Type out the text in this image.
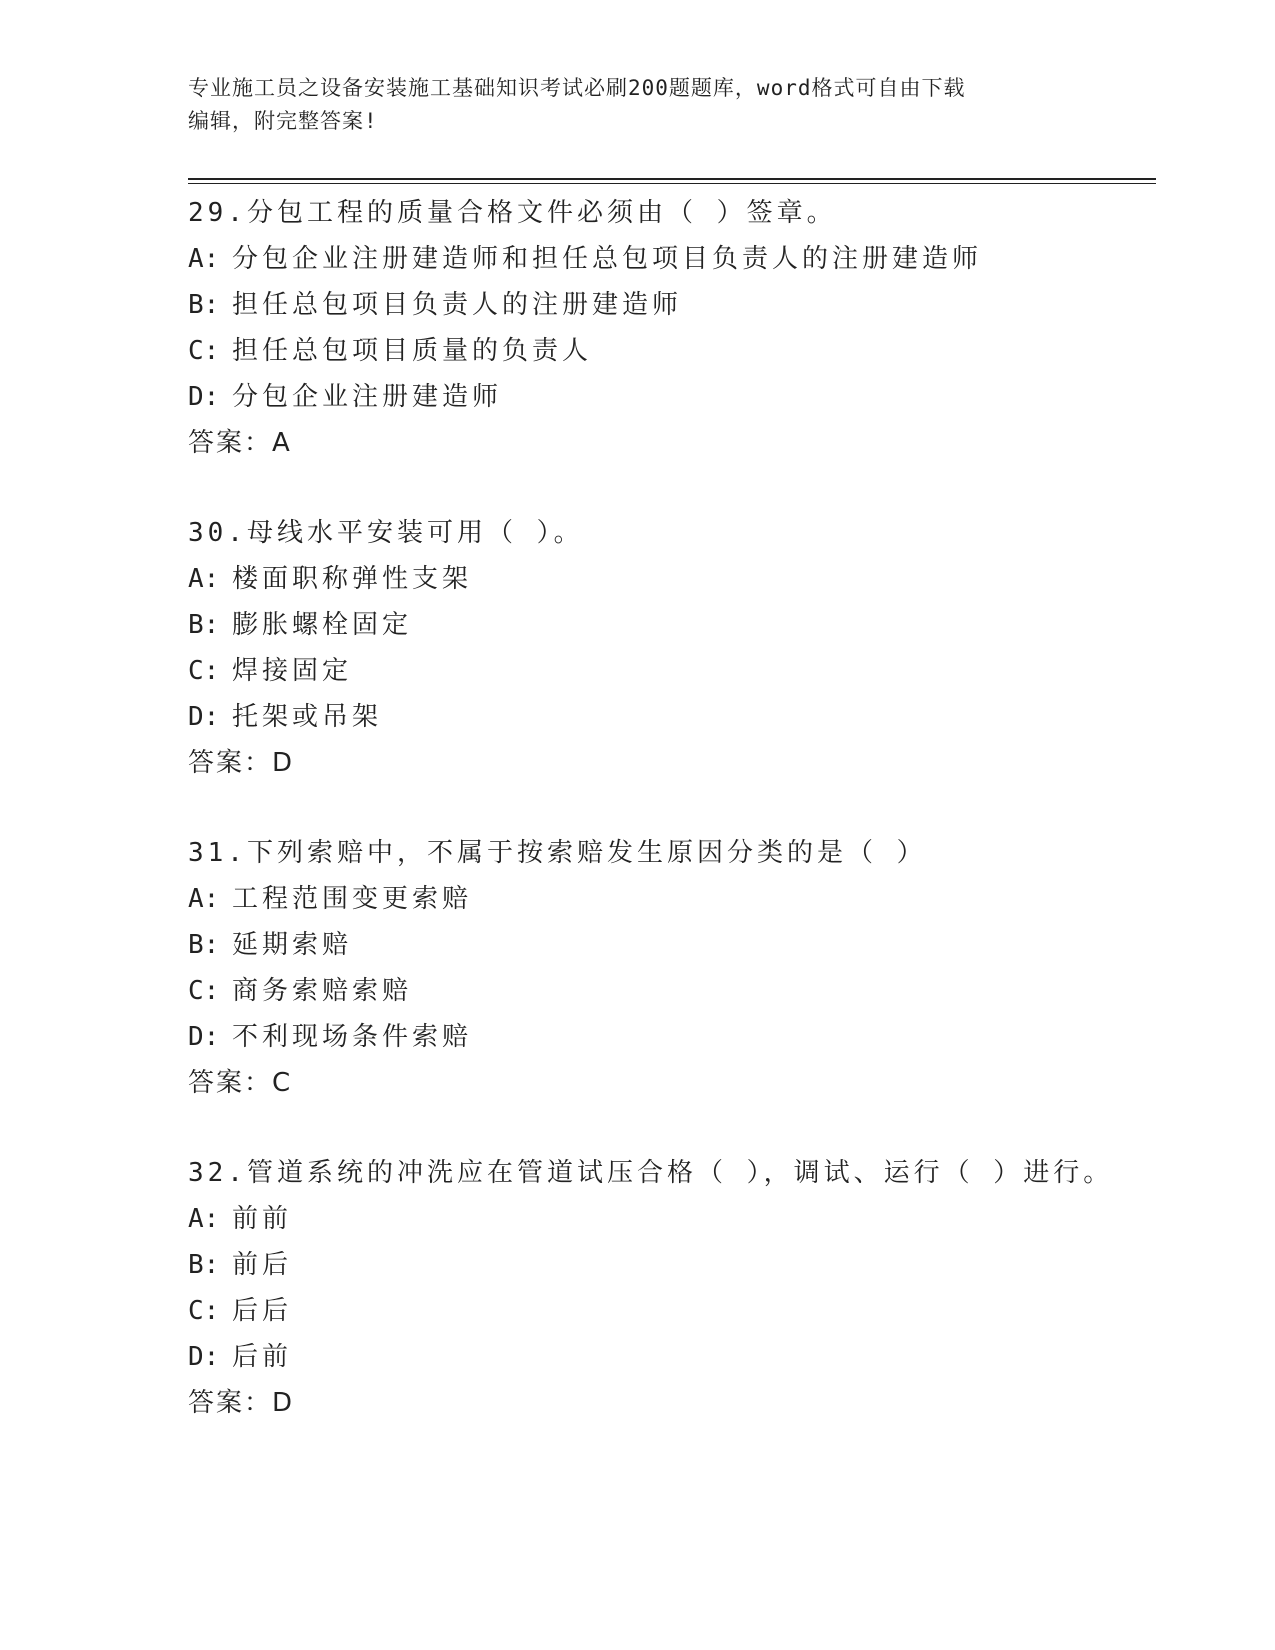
专业施工员之设备安装施工基础知识考试必刷200题题库，word格式可自由下载
编辑，附完整答案!
29.分包工程的质量合格文件必须由（ ）签章。
A: 分包企业注册建造师和担任总包项目负责人的注册建造师
B: 担任总包项目负责人的注册建造师
C: 担任总包项目质量的负责人
D: 分包企业注册建造师
答案：A
30.母线水平安装可用（ ）。
A: 楼面职称弹性支架
B: 膨胀螺栓固定
C: 焊接固定
D: 托架或吊架
答案：D
31.下列索赔中，不属于按索赔发生原因分类的是（ ）
A: 工程范围变更索赔
B: 延期索赔
C: 商务索赔索赔
D: 不利现场条件索赔
答案：C
32.管道系统的冲洗应在管道试压合格（ ），调试、运行（ ）进行。
A: 前前
B: 前后
C: 后后
D: 后前
答案：D
